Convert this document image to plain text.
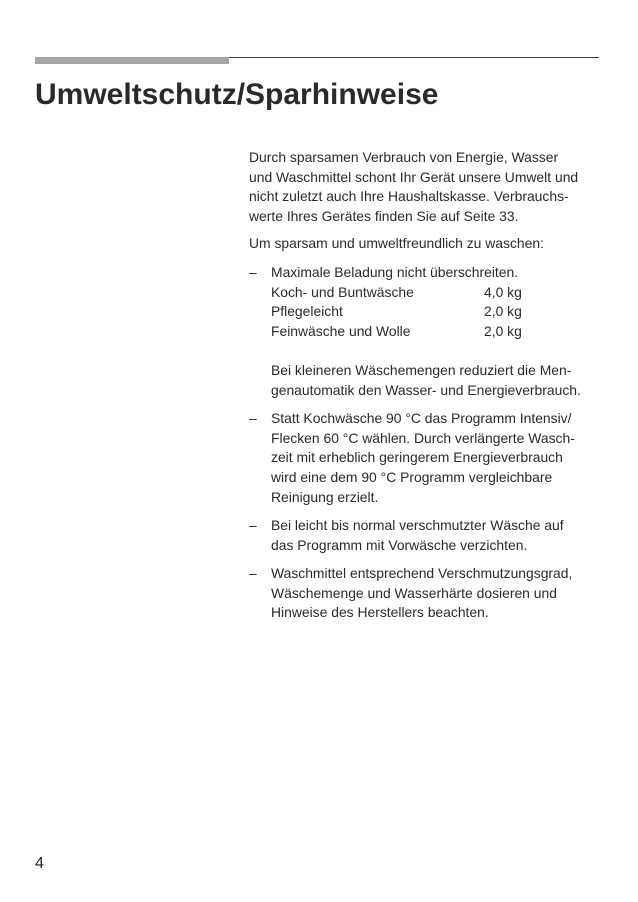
Umweltschutz/Sparhinweise
Durch sparsamen Verbrauch von Energie, Wasser
und Waschmittel schont Ihr Gerät unsere Umwelt und
nicht zuletzt auch Ihre Haushaltskasse. Verbrauchs-
werte Ihres Gerätes finden Sie auf Seite 33.
Um sparsam und umweltfreundlich zu waschen:
– Maximale Beladung nicht überschreiten.
Koch- und Buntwäsche	4,0 kg
Pflegeleicht	2,0 kg
Feinwäsche und Wolle	2,0 kg
Bei kleineren Wäschemengen reduziert die Men-
genautomatik den Wasser- und Energieverbrauch.
– Statt Kochwäsche 90 °C das Programm Intensiv/
Flecken 60 °C wählen. Durch verlängerte Wasch-
zeit mit erheblich geringerem Energieverbrauch
wird eine dem 90 °C Programm vergleichbare
Reinigung erzielt.
– Bei leicht bis normal verschmutzter Wäsche auf
das Programm mit Vorwäsche verzichten.
– Waschmittel entsprechend Verschmutzungsgrad,
Wäschemenge und Wasserhärte dosieren und
Hinweise des Herstellers beachten.
4
